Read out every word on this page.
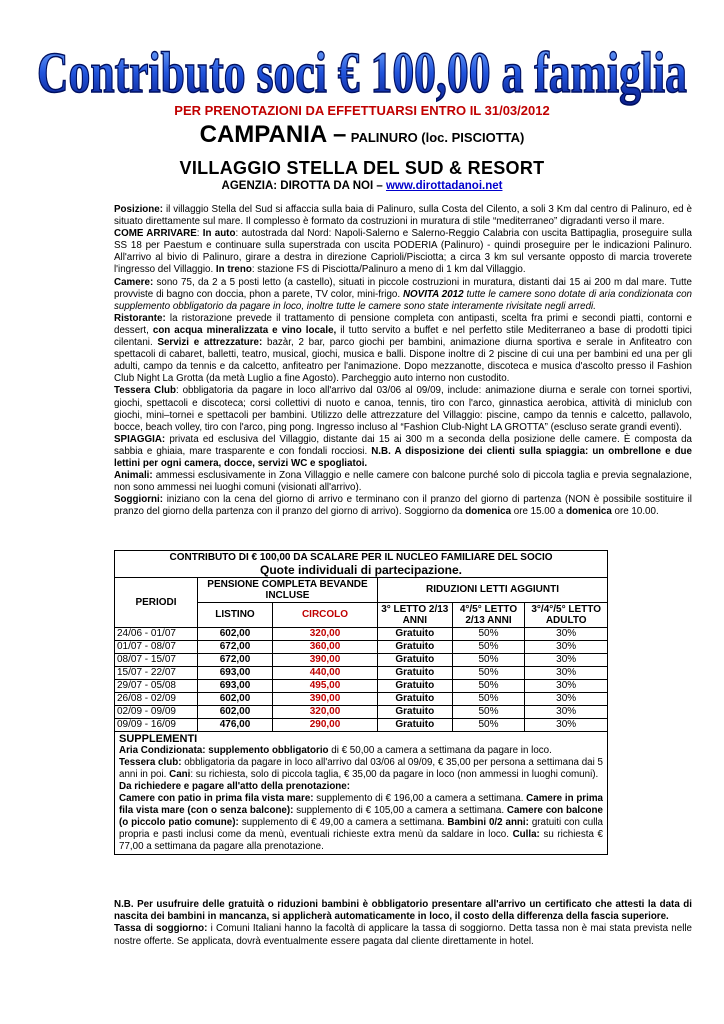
Contributo soci € 100,00 a famiglia
PER PRENOTAZIONI DA EFFETTUARSI ENTRO IL 31/03/2012
CAMPANIA – PALINURO (loc. PISCIOTTA)
VILLAGGIO STELLA DEL SUD & RESORT
AGENZIA: DIROTTA DA NOI – www.dirottadanoi.net

Posizione: il villaggio Stella del Sud si affaccia sulla baia di Palinuro, sulla Costa del Cilento, a soli 3 Km dal centro di Palinuro, ed è situato direttamente sul mare. Il complesso è formato da costruzioni in muratura di stile “mediterraneo” digradanti verso il mare.

COME ARRIVARE: In auto: autostrada dal Nord: Napoli-Salerno e Salerno-Reggio Calabria con uscita Battipaglia, proseguire sulla SS 18 per Paestum e continuare sulla superstrada con uscita PODERIA (Palinuro) - quindi proseguire per le indicazioni Palinuro. All'arrivo al bivio di Palinuro, girare a destra in direzione Caprioli/Pisciotta; a circa 3 km sul versante opposto di marcia troverete l'ingresso del Villaggio. In treno: stazione FS di Pisciotta/Palinuro a meno di 1 km dal Villaggio.

Camere: sono 75, da 2 a 5 posti letto (a castello), situati in piccole costruzioni in muratura, distanti dai 15 ai 200 m dal mare. Tutte provviste di bagno con doccia, phon a parete, TV color, mini-frigo. NOVITA 2012 tutte le camere sono dotate di aria condizionata con supplemento obbligatorio da pagare in loco, inoltre tutte le camere sono state interamente rivisitate negli arredi.

Ristorante: la ristorazione prevede il trattamento di pensione completa con antipasti, scelta fra primi e secondi piatti, contorni e dessert, con acqua mineralizzata e vino locale, il tutto servito a buffet e nel perfetto stile Mediterraneo a base di prodotti tipici cilentani. Servizi e attrezzature: bazàr, 2 bar, parco giochi per bambini, animazione diurna sportiva e serale in Anfiteatro con spettacoli di cabaret, balletti, teatro, musical, giochi, musica e balli. Dispone inoltre di 2 piscine di cui una per bambini ed una per gli adulti, campo da tennis e da calcetto, anfiteatro per l'animazione. Dopo mezzanotte, discoteca e musica d'ascolto presso il Fashion Club Night La Grotta (da metà Luglio a fine Agosto). Parcheggio auto interno non custodito.

Tessera Club: obbligatoria da pagare in loco all'arrivo dal 03/06 al 09/09, include: animazione diurna e serale con tornei sportivi, giochi, spettacoli e discoteca; corsi collettivi di nuoto e canoa, tennis, tiro con l'arco, ginnastica aerobica, attività di miniclub con giochi, mini–tornei e spettacoli per bambini. Utilizzo delle attrezzature del Villaggio: piscine, campo da tennis e calcetto, pallavolo, bocce, beach volley, tiro con l'arco, ping pong. Ingresso incluso al “Fashion Club-Night LA GROTTA” (escluso serate grandi eventi).

SPIAGGIA: privata ed esclusiva del Villaggio, distante dai 15 ai 300 m a seconda della posizione delle camere. È composta da sabbia e ghiaia, mare trasparente e con fondali rocciosi. N.B. A disposizione dei clienti sulla spiaggia: un ombrellone e due lettini per ogni camera, docce, servizi WC e spogliatoi.

Animali: ammessi esclusivamente in Zona Villaggio e nelle camere con balcone purché solo di piccola taglia e previa segnalazione, non sono ammessi nei luoghi comuni (visionati all'arrivo).

Soggiorni: iniziano con la cena del giorno di arrivo e terminano con il pranzo del giorno di partenza (NON è possibile sostituire il pranzo del giorno della partenza con il pranzo del giorno di arrivo). Soggiorno da domenica ore 15.00 a domenica ore 10.00.

CONTRIBUTO DI € 100,00 DA SCALARE PER IL NUCLEO FAMILIARE DEL SOCIO
Quote individuali di partecipazione.					

PERIODI	PENSIONE COMPLETA BEVANDE INCLUSE		RIDUZIONI LETTI AGGIUNTI		
	LISTINO	CIRCOLO	3° LETTO 2/13 ANNI	4°/5° LETTO 2/13 ANNI	3°/4°/5° LETTO ADULTO
24/06 - 01/07	602,00	320,00	Gratuito	50%	30%
01/07 - 08/07	672,00	360,00	Gratuito	50%	30%
08/07 - 15/07	672,00	390,00	Gratuito	50%	30%
15/07 - 22/07	693,00	440,00	Gratuito	50%	30%
29/07 - 05/08	693,00	495,00	Gratuito	50%	30%
26/08 - 02/09	602,00	390,00	Gratuito	50%	30%
02/09 - 09/09	602,00	320,00	Gratuito	50%	30%
09/09 - 16/09	476,00	290,00	Gratuito	50%	30%

SUPPLEMENTI
Aria Condizionata: supplemento obbligatorio di € 50,00 a camera a settimana da pagare in loco.
Tessera club: obbligatoria da pagare in loco all'arrivo dal 03/06 al 09/09, € 35,00 per persona a settimana dai 5 anni in poi. Cani: su richiesta, solo di piccola taglia, € 35,00 da pagare in loco (non ammessi in luoghi comuni).
Da richiedere e pagare all'atto della prenotazione:
Camere con patio in prima fila vista mare: supplemento di € 196,00 a camera a settimana. Camere in prima fila vista mare (con o senza balcone): supplemento di € 105,00 a camera a settimana. Camere con balcone (o piccolo patio comune): supplemento di € 49,00 a camera a settimana. Bambini 0/2 anni: gratuiti con culla propria e pasti inclusi come da menù, eventuali richieste extra menù da saldare in loco. Culla: su richiesta € 77,00 a settimana da pagare alla prenotazione.					

N.B. Per usufruire delle gratuità o riduzioni bambini è obbligatorio presentare all'arrivo un certificato che attesti la data di nascita dei bambini in mancanza, si applicherà automaticamente in loco, il costo della differenza della fascia superiore.

Tassa di soggiorno: i Comuni Italiani hanno la facoltà di applicare la tassa di soggiorno. Detta tassa non è mai stata prevista nelle nostre offerte. Se applicata, dovrà eventualmente essere pagata dal cliente direttamente in hotel.
